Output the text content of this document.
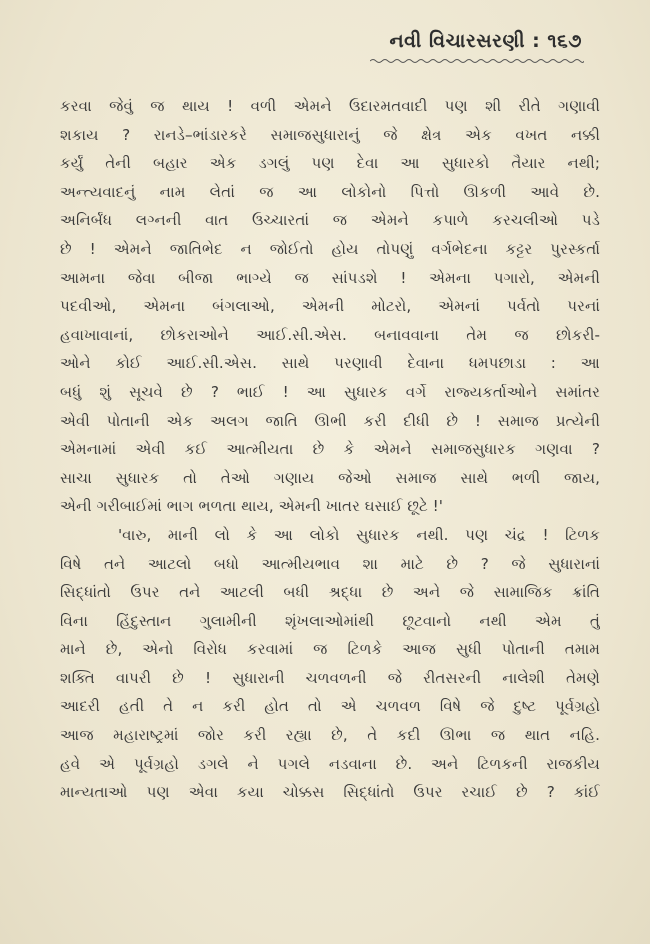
નવી વિચારસરણી : ૧૬૭
કરવા જેવું જ થાય ! વળી એમને ઉદારમતવાદી પણ શી રીતે ગણાવી
શકાય ? રાનડે–ભાંડારકરે સમાજસુધારાનું જે ક્ષેત્ર એક વખત નક્કી
કર્યું તેની બહાર એક ડગલું પણ દેવા આ સુધારકો તૈયાર નથી;
અન્ત્યવાદનું નામ લેતાં જ આ લોકોનો પિત્તો ઊકળી આવે છે.
અનિર્બંધ લગ્નની વાત ઉચ્ચારતાં જ એમને કપાળે કરચલીઓ પડે
છે ! એમને જાતિભેદ ન જોઈતો હોય તોપણું વર્ગભેદના કટ્ટર પુરસ્કર્તા
આમના જેવા બીજા ભાગ્યે જ સાંપડશે ! એમના પગારો, એમની
પદવીઓ, એમના બંગલાઓ, એમની મોટરો, એમનાં પર્વતો પરનાં
હવાખાવાનાં, છોકરાઓને આઈ.સી.એસ. બનાવવાના તેમ જ છોકરી-
ઓને કોઈ આઈ.સી.એસ. સાથે પરણાવી દેવાના ધમપછાડા : આ
બધું શું સૂચવે છે ? ભાઈ ! આ સુધારક વર્ગે રાજ્યકર્તાઓને સમાંતર
એવી પોતાની એક અલગ જાતિ ઊભી કરી દીધી છે ! સમાજ પ્રત્યેની
એમનામાં એવી કઈ આત્મીયતા છે કે એમને સમાજસુધારક ગણવા ?
સાચા સુધારક તો તેઓ ગણાય જેઓ સમાજ સાથે ભળી જાય,
એની ગરીબાઈમાં ભાગ ભળતા થાય, એમની ખાતર ઘસાઈ છૂટે !'
'વારુ, માની લો કે આ લોકો સુધારક નથી. પણ ચંદ્ર ! ટિળક
વિષે તને આટલો બધો આત્મીયભાવ શા માટે છે ? જે સુધારાનાં
સિદ્ધાંતો ઉપર તને આટલી બધી શ્રદ્ધા છે અને જે સામાજિક ક્રાંતિ
વિના હિંદુસ્તાન ગુલામીની શૃંખલાઓમાંથી છૂટવાનો નથી એમ તું
માને છે, એનો વિરોધ કરવામાં જ ટિળકે આજ સુધી પોતાની તમામ
શક્તિ વાપરી છે ! સુધારાની ચળવળની જે રીતસરની નાલેશી તેમણે
આદરી હતી તે ન કરી હોત તો એ ચળવળ વિષે જે દુષ્ટ પૂર્વગ્રહો
આજ મહારાષ્ટ્રમાં જોર કરી રહ્યા છે, તે કદી ઊભા જ થાત નહિ.
હવે એ પૂર્વગ્રહો ડગલે ને પગલે નડવાના છે. અને ટિળકની રાજકીય
માન્યતાઓ પણ એવા કયા ચોક્કસ સિદ્ધાંતો ઉપર રચાઈ છે ? કાંઈ
